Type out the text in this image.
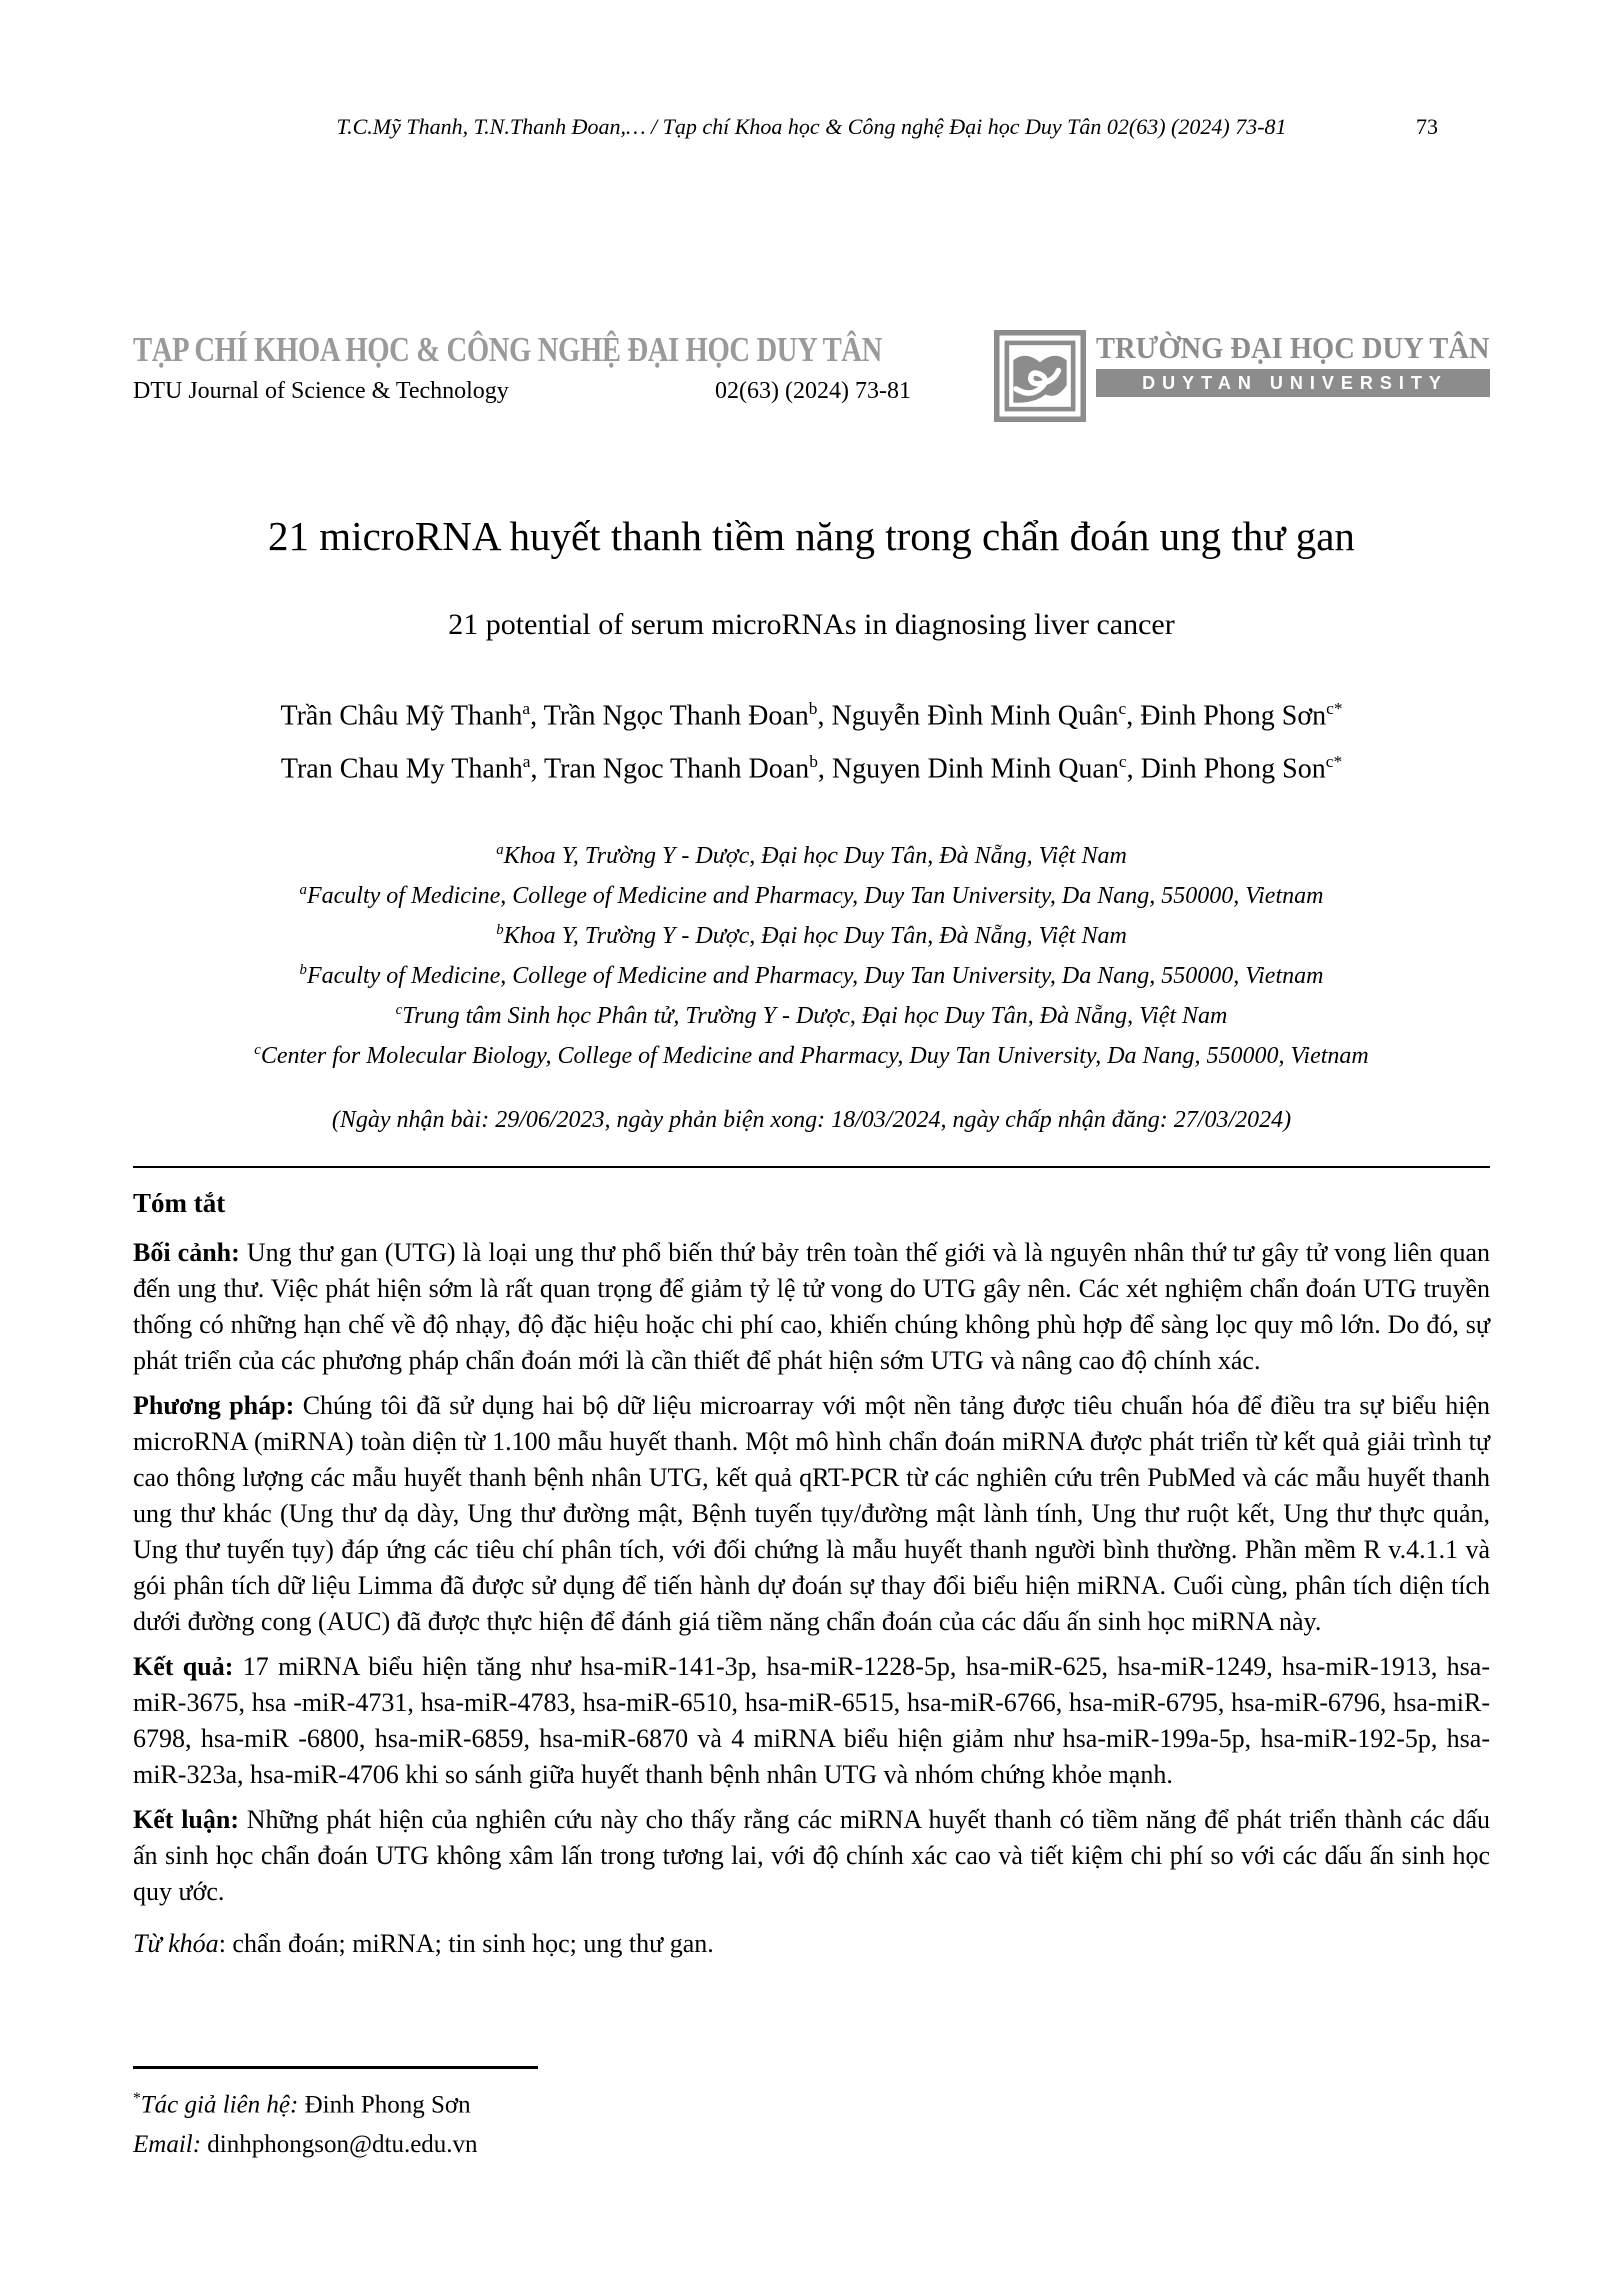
T.C.Mỹ Thanh, T.N.Thanh Đoan,… / Tạp chí Khoa học & Công nghệ Đại học Duy Tân 02(63) (2024) 73-81	73
TẠP CHÍ KHOA HỌC & CÔNG NGHỆ ĐẠI HỌC DUY TÂN
DTU Journal of Science & Technology	02(63) (2024) 73-81
TRƯỜNG ĐẠI HỌC DUY TÂN
DUYTAN UNIVERSITY
21 microRNA huyết thanh tiềm năng trong chẩn đoán ung thư gan
21 potential of serum microRNAs in diagnosing liver cancer
Trần Châu Mỹ Thanh$^a$, Trần Ngọc Thanh Đoan$^b$, Nguyễn Đình Minh Quân$^c$, Đinh Phong Sơn$^{c*}$
Tran Chau My Thanh$^a$, Tran Ngoc Thanh Doan$^b$, Nguyen Dinh Minh Quan$^c$, Dinh Phong Son$^{c*}$
$^a$Khoa Y, Trường Y - Dược, Đại học Duy Tân, Đà Nẵng, Việt Nam
$^a$Faculty of Medicine, College of Medicine and Pharmacy, Duy Tan University, Da Nang, 550000, Vietnam
$^b$Khoa Y, Trường Y - Dược, Đại học Duy Tân, Đà Nẵng, Việt Nam
$^b$Faculty of Medicine, College of Medicine and Pharmacy, Duy Tan University, Da Nang, 550000, Vietnam
$^c$Trung tâm Sinh học Phân tử, Trường Y - Dược, Đại học Duy Tân, Đà Nẵng, Việt Nam
$^c$Center for Molecular Biology, College of Medicine and Pharmacy, Duy Tan University, Da Nang, 550000, Vietnam
(Ngày nhận bài: 29/06/2023, ngày phản biện xong: 18/03/2024, ngày chấp nhận đăng: 27/03/2024)
Tóm tắt

Bối cảnh: Ung thư gan (UTG) là loại ung thư phổ biến thứ bảy trên toàn thế giới và là nguyên nhân thứ tư gây tử vong liên quan đến ung thư. Việc phát hiện sớm là rất quan trọng để giảm tỷ lệ tử vong do UTG gây nên. Các xét nghiệm chẩn đoán UTG truyền thống có những hạn chế về độ nhạy, độ đặc hiệu hoặc chi phí cao, khiến chúng không phù hợp để sàng lọc quy mô lớn. Do đó, sự phát triển của các phương pháp chẩn đoán mới là cần thiết để phát hiện sớm UTG và nâng cao độ chính xác.

Phương pháp: Chúng tôi đã sử dụng hai bộ dữ liệu microarray với một nền tảng được tiêu chuẩn hóa để điều tra sự biểu hiện microRNA (miRNA) toàn diện từ 1.100 mẫu huyết thanh. Một mô hình chẩn đoán miRNA được phát triển từ kết quả giải trình tự cao thông lượng các mẫu huyết thanh bệnh nhân UTG, kết quả qRT-PCR từ các nghiên cứu trên PubMed và các mẫu huyết thanh ung thư khác (Ung thư dạ dày, Ung thư đường mật, Bệnh tuyến tụy/đường mật lành tính, Ung thư ruột kết, Ung thư thực quản, Ung thư tuyến tụy) đáp ứng các tiêu chí phân tích, với đối chứng là mẫu huyết thanh người bình thường. Phần mềm R v.4.1.1 và gói phân tích dữ liệu Limma đã được sử dụng để tiến hành dự đoán sự thay đổi biểu hiện miRNA. Cuối cùng, phân tích diện tích dưới đường cong (AUC) đã được thực hiện để đánh giá tiềm năng chẩn đoán của các dấu ấn sinh học miRNA này.

Kết quả: 17 miRNA biểu hiện tăng như hsa-miR-141-3p, hsa-miR-1228-5p, hsa-miR-625, hsa-miR-1249, hsa-miR-1913, hsa-miR-3675, hsa -miR-4731, hsa-miR-4783, hsa-miR-6510, hsa-miR-6515, hsa-miR-6766, hsa-miR-6795, hsa-miR-6796, hsa-miR-6798, hsa-miR -6800, hsa-miR-6859, hsa-miR-6870 và 4 miRNA biểu hiện giảm như hsa-miR-199a-5p, hsa-miR-192-5p, hsa-miR-323a, hsa-miR-4706 khi so sánh giữa huyết thanh bệnh nhân UTG và nhóm chứng khỏe mạnh.

Kết luận: Những phát hiện của nghiên cứu này cho thấy rằng các miRNA huyết thanh có tiềm năng để phát triển thành các dấu ấn sinh học chẩn đoán UTG không xâm lấn trong tương lai, với độ chính xác cao và tiết kiệm chi phí so với các dấu ấn sinh học quy ước.

Từ khóa: chẩn đoán; miRNA; tin sinh học; ung thư gan.

*Tác giả liên hệ: Đinh Phong Sơn

Email: dinhphongson@dtu.edu.vn
